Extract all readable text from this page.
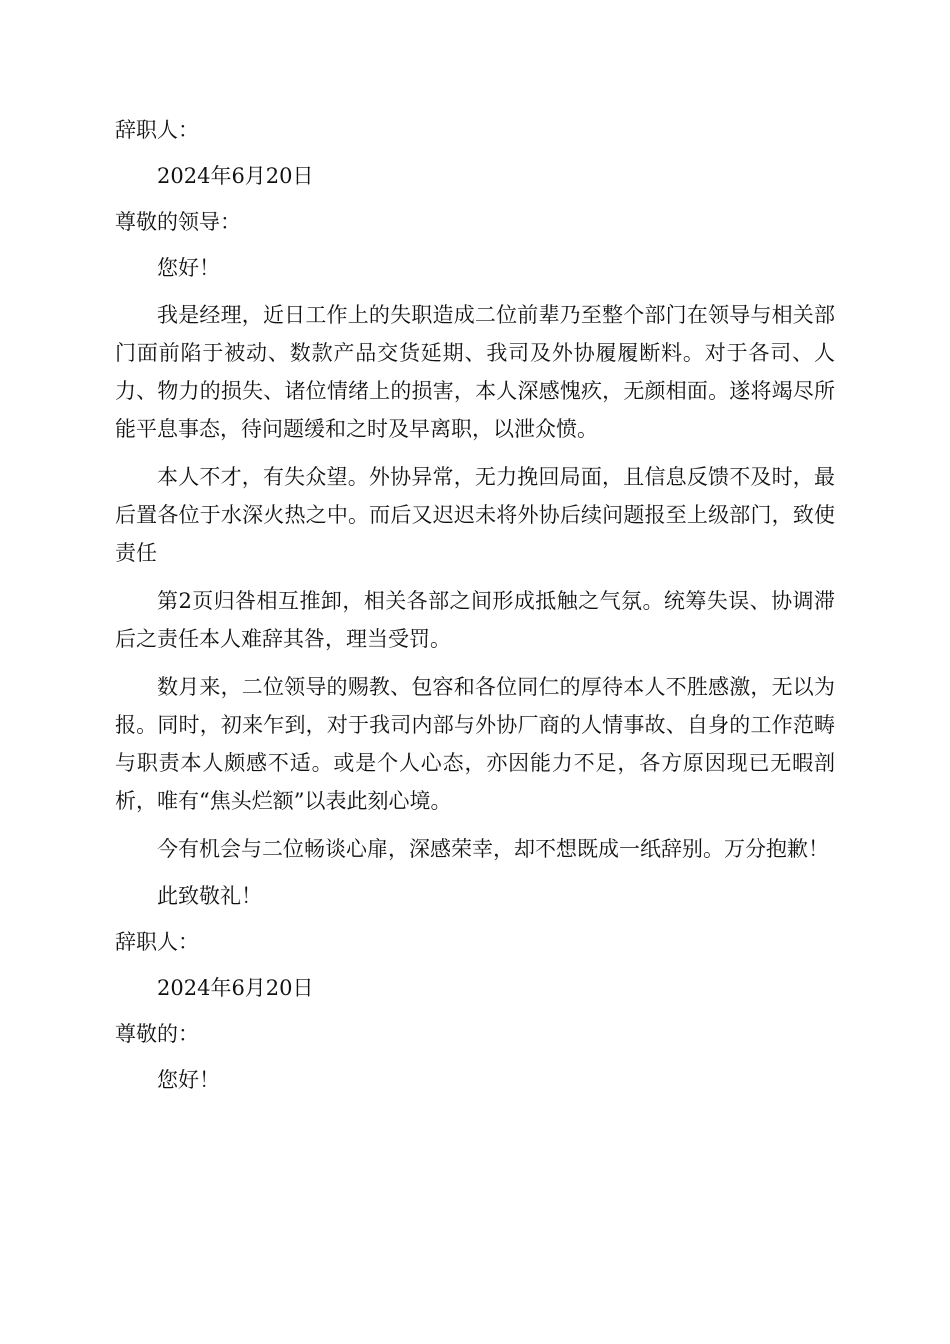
辞职人：

2024年6月20日

尊敬的领导：

您好！

我是经理，近日工作上的失职造成二位前辈乃至整个部门在领导与相关部门面前陷于被动、数款产品交货延期、我司及外协履履断料。对于各司、人力、物力的损失、诸位情绪上的损害，本人深感愧疚，无颜相面。遂将竭尽所能平息事态，待问题缓和之时及早离职，以泄众愤。

本人不才，有失众望。外协异常，无力挽回局面，且信息反馈不及时，最后置各位于水深火热之中。而后又迟迟未将外协后续问题报至上级部门，致使责任

第2页归咎相互推卸，相关各部之间形成抵触之气氛。统筹失误、协调滞后之责任本人难辞其咎，理当受罚。

数月来，二位领导的赐教、包容和各位同仁的厚待本人不胜感激，无以为报。同时，初来乍到，对于我司内部与外协厂商的人情事故、自身的工作范畴与职责本人颇感不适。或是个人心态，亦因能力不足，各方原因现已无暇剖析，唯有“焦头烂额”以表此刻心境。

今有机会与二位畅谈心扉，深感荣幸，却不想既成一纸辞别。万分抱歉！

此致敬礼！

辞职人：

2024年6月20日

尊敬的：

您好！
